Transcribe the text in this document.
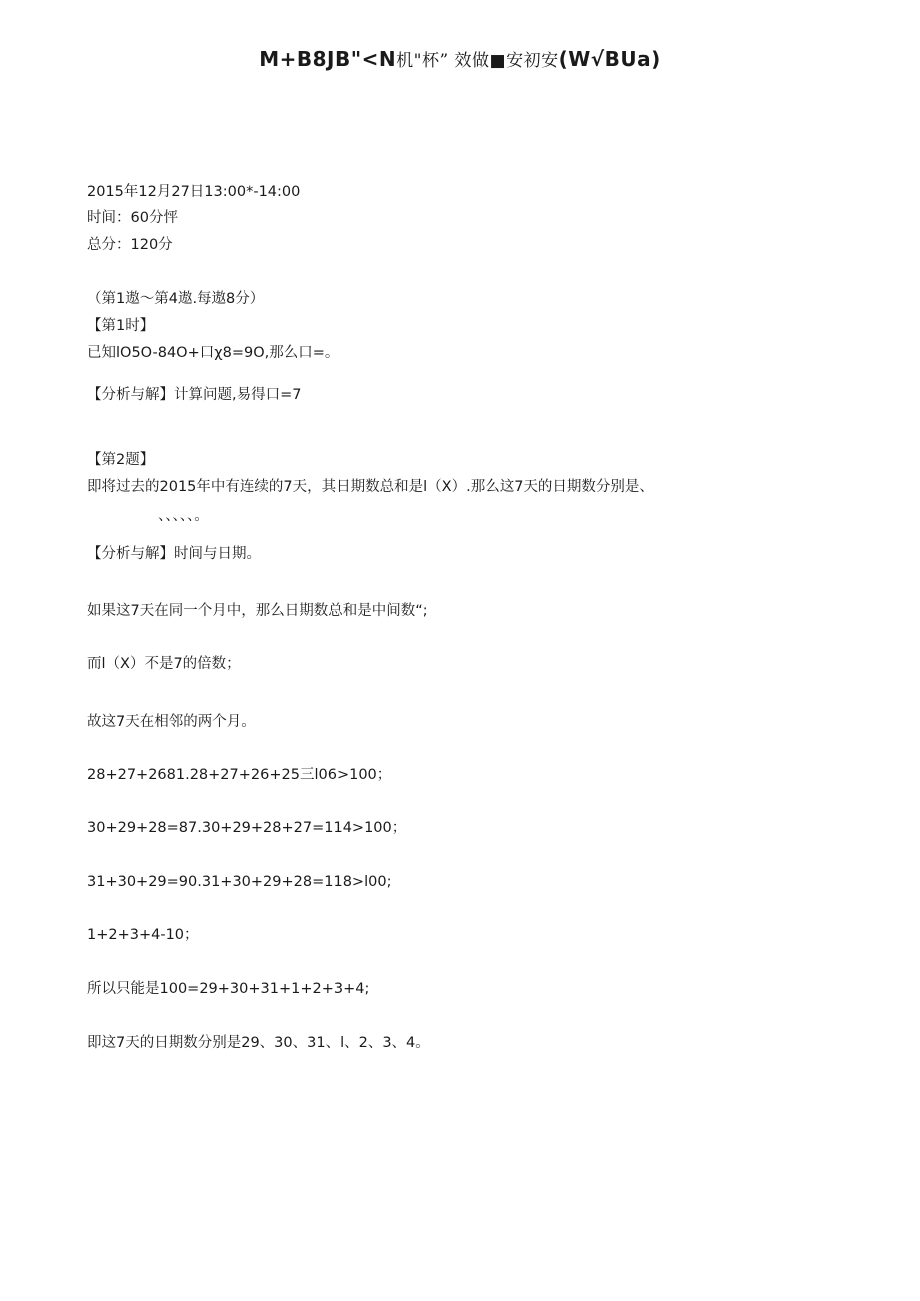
M+B8JB"<N机"杯” 效做■安初安(W√BUa)
2015年12月27日13:00*-14:00
时间：60分怦
总分：120分
（第1遨〜第4遨.每遨8分）
【第1时】
已知lO5O-84O+口χ8=9O,那么口=。
【分析与解】计算问题,易得口=7
【第2题】
即将过去的2015年中有连续的7天，其日期数总和是l（X）.那么这7天的日期数分别是、
、、、、、。
【分析与解】时间与日期。
如果这7天在同一个月中，那么日期数总和是中间数“;
而l（X）不是7的倍数；
故这7天在相邻的两个月。
28+27+2681.28+27+26+25三l06>100；
30+29+28=87.30+29+28+27=114>100；
31+30+29=90.31+30+29+28=118>l00;
1+2+3+4-10；
所以只能是100=29+30+31+1+2+3+4;
即这7天的日期数分别是29、30、31、l、2、3、4。
